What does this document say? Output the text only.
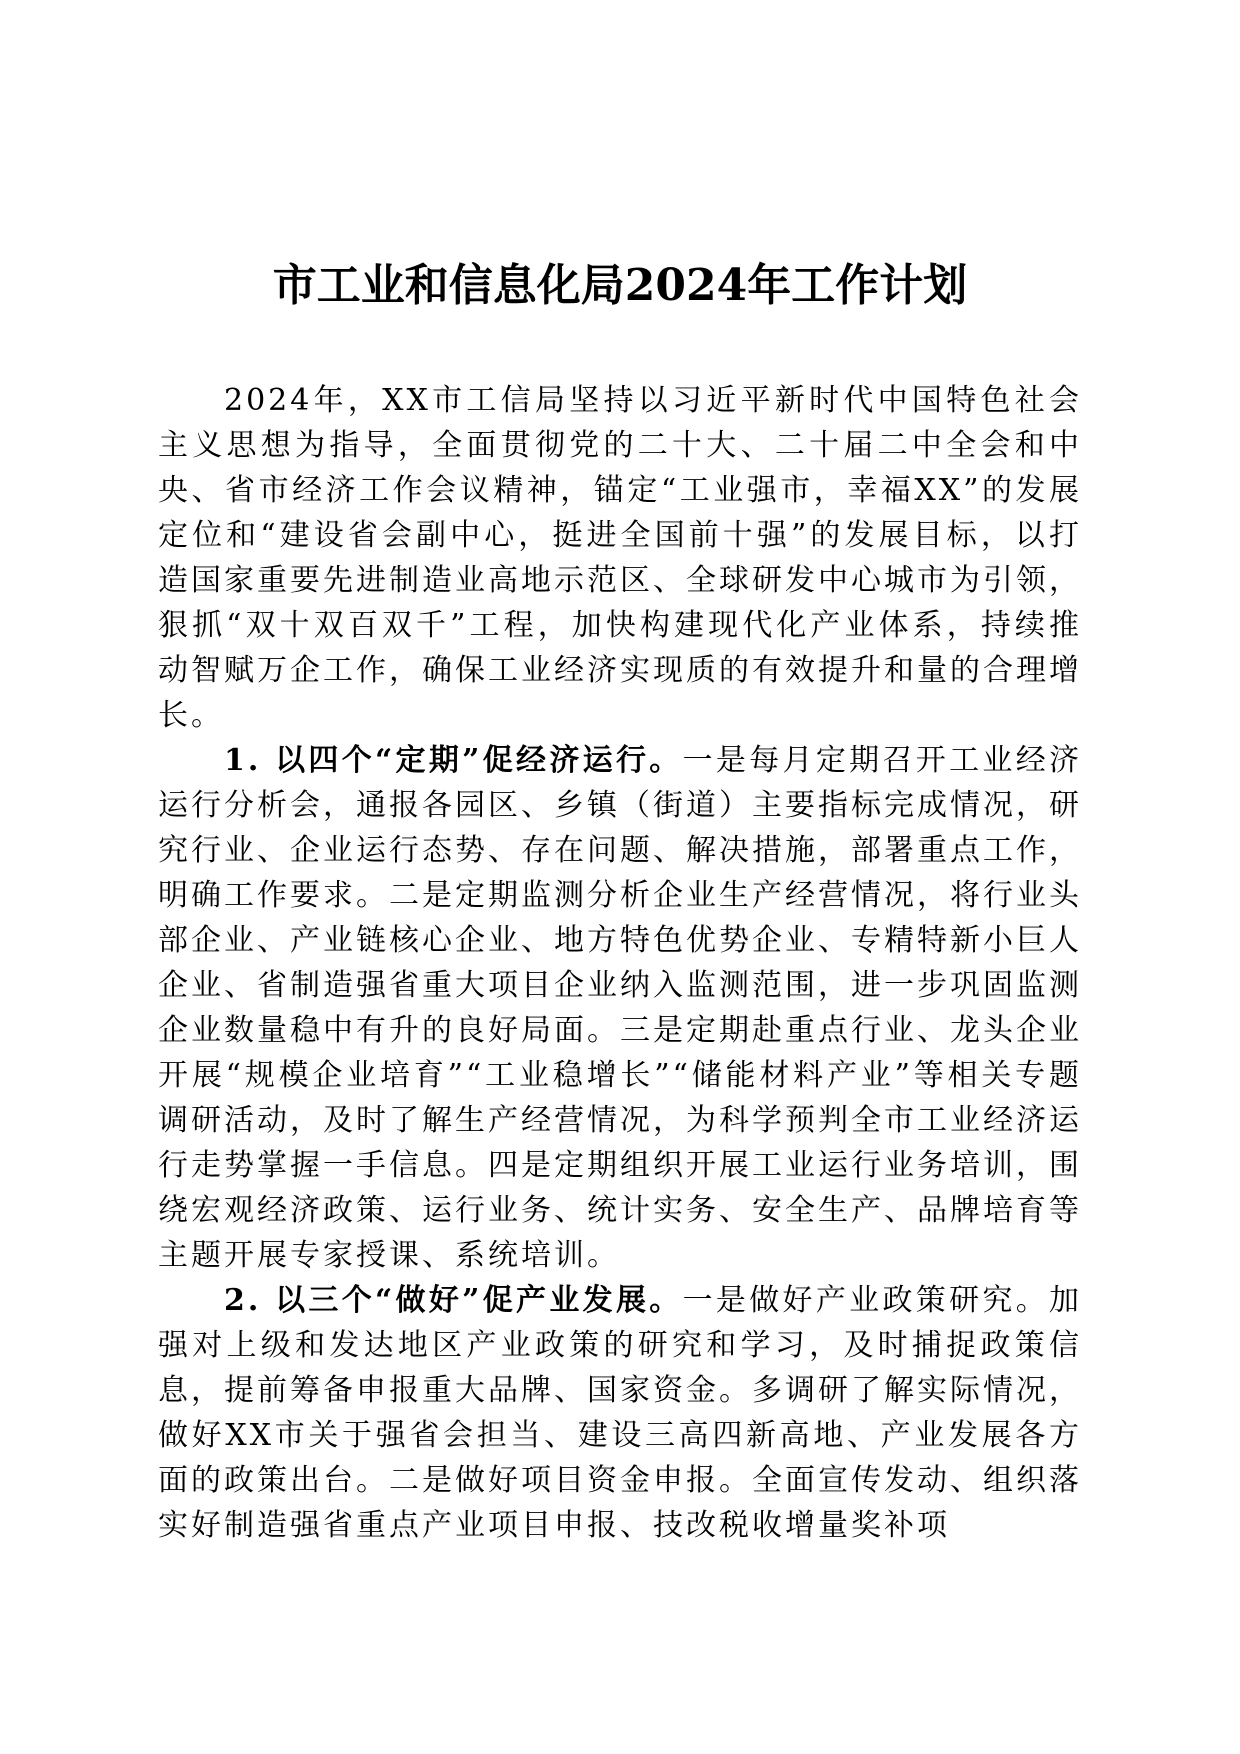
市工业和信息化局2024年工作计划

2024年，XX市工信局坚持以习近平新时代中国特色社会主义思想为指导，全面贯彻党的二十大、二十届二中全会和中央、省市经济工作会议精神，锚定“工业强市，幸福XX”的发展定位和“建设省会副中心，挺进全国前十强”的发展目标，以打造国家重要先进制造业高地示范区、全球研发中心城市为引领，狠抓“双十双百双千”工程，加快构建现代化产业体系，持续推动智赋万企工作，确保工业经济实现质的有效提升和量的合理增长。

1. 以四个“定期”促经济运行。一是每月定期召开工业经济运行分析会，通报各园区、乡镇（街道）主要指标完成情况，研究行业、企业运行态势、存在问题、解决措施，部署重点工作，明确工作要求。二是定期监测分析企业生产经营情况，将行业头部企业、产业链核心企业、地方特色优势企业、专精特新小巨人企业、省制造强省重大项目企业纳入监测范围，进一步巩固监测企业数量稳中有升的良好局面。三是定期赴重点行业、龙头企业开展“规模企业培育”“工业稳增长”“储能材料产业”等相关专题调研活动，及时了解生产经营情况，为科学预判全市工业经济运行走势掌握一手信息。四是定期组织开展工业运行业务培训，围绕宏观经济政策、运行业务、统计实务、安全生产、品牌培育等主题开展专家授课、系统培训。

2. 以三个“做好”促产业发展。一是做好产业政策研究。加强对上级和发达地区产业政策的研究和学习，及时捕捉政策信息，提前筹备申报重大品牌、国家资金。多调研了解实际情况，做好XX市关于强省会担当、建设三高四新高地、产业发展各方面的政策出台。二是做好项目资金申报。全面宣传发动、组织落实好制造强省重点产业项目申报、技改税收增量奖补项
